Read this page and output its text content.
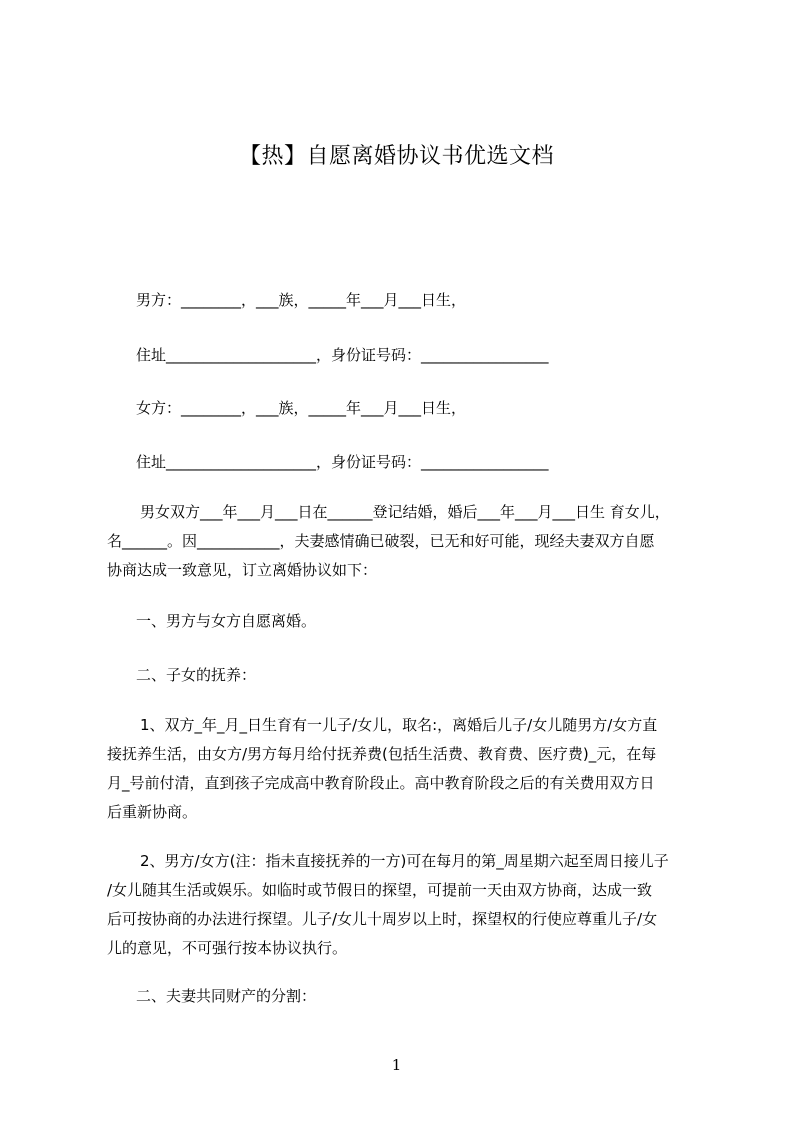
【热】自愿离婚协议书优选文档

男方：________，___族，_____年___月___日生，

住址____________________，身份证号码：_________________

女方：________，___族，_____年___月___日生，

住址____________________，身份证号码：_________________

男女双方___年___月___日在______登记结婚，婚后___年___月___日生 育女儿，
名______。因___________，夫妻感情确已破裂，已无和好可能，现经夫妻双方自愿
协商达成一致意见，订立离婚协议如下：

一、男方与女方自愿离婚。

二、子女的抚养：

1、双方_年_月_日生育有一儿子/女儿，取名:，离婚后儿子/女儿随男方/女方直
接抚养生活，由女方/男方每月给付抚养费(包括生活费、教育费、医疗费)_元，在每
月_号前付清，直到孩子完成高中教育阶段止。高中教育阶段之后的有关费用双方日
后重新协商。
2、男方/女方(注：指未直接抚养的一方)可在每月的第_周星期六起至周日接儿子
/女儿随其生活或娱乐。如临时或节假日的探望，可提前一天由双方协商，达成一致
后可按协商的办法进行探望。儿子/女儿十周岁以上时，探望权的行使应尊重儿子/女
儿的意见，不可强行按本协议执行。

二、夫妻共同财产的分割：

1
